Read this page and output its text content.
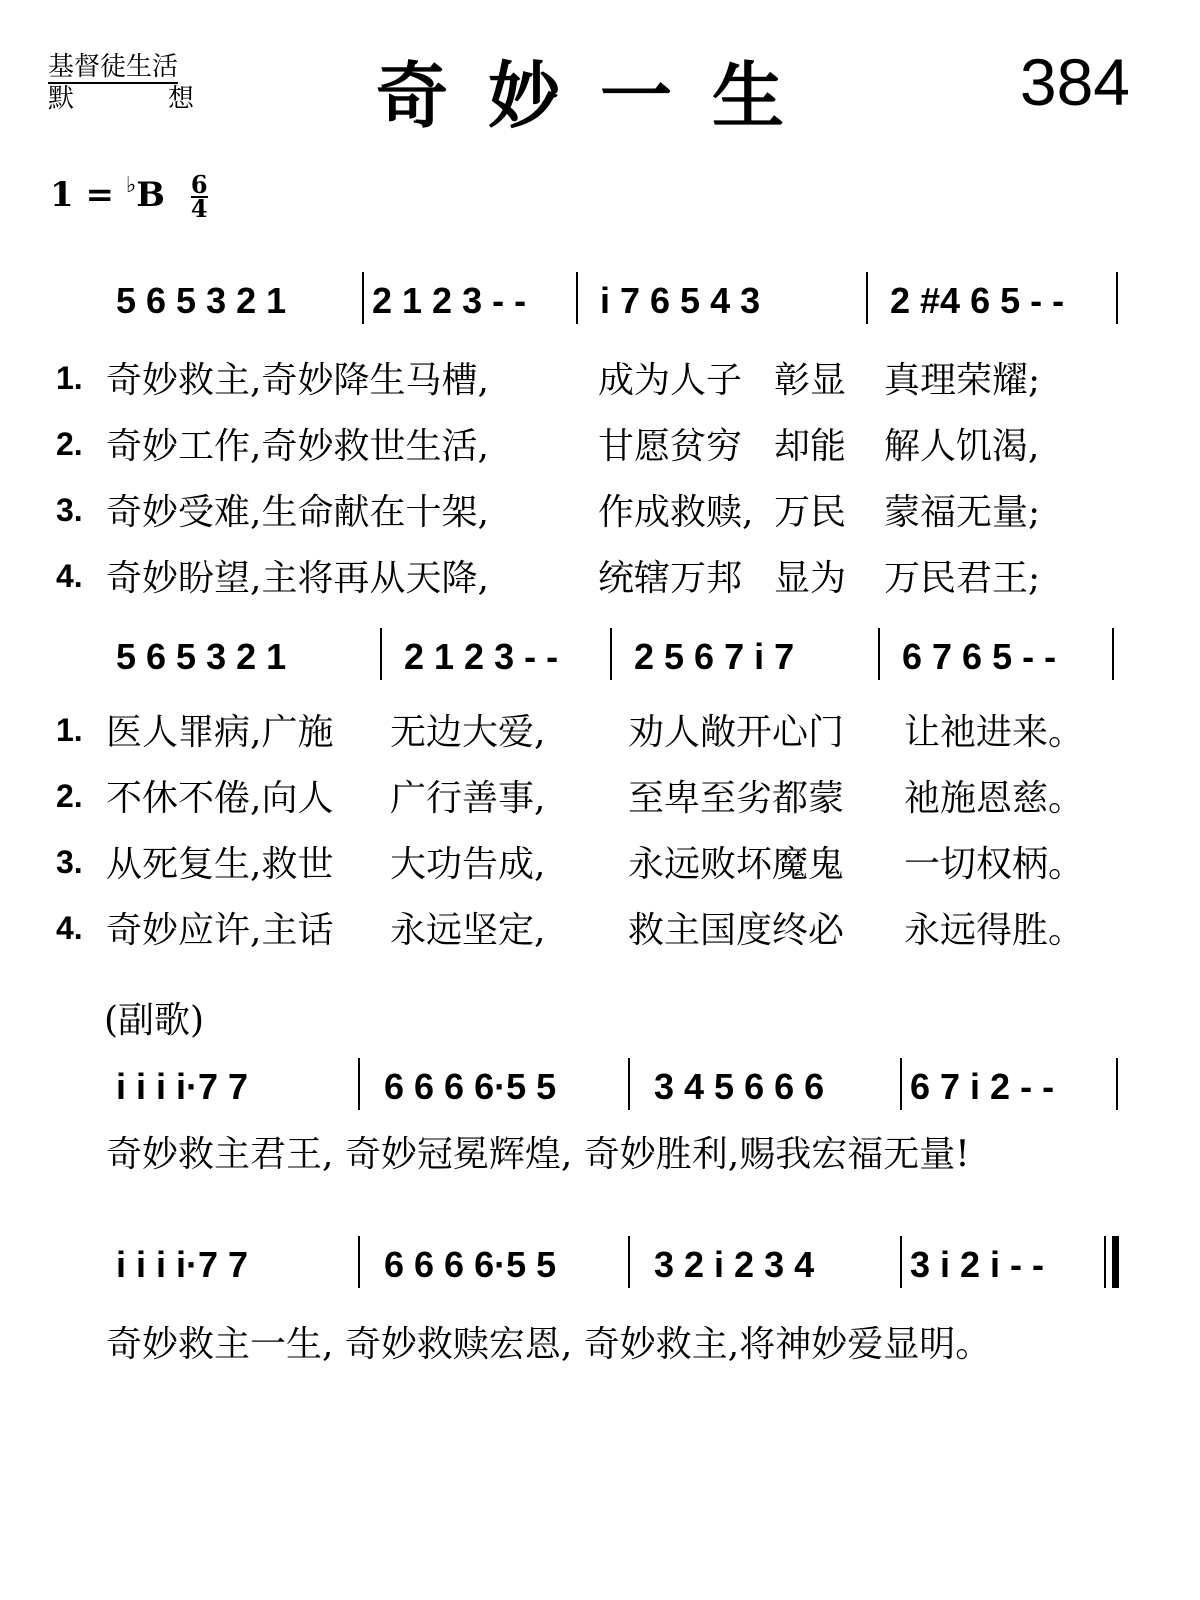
基督徒生活
默	想	奇妙一生	384
$1 = ^♭B \frac{6}{4}$
5 6 5 3 2 1 2 1 2 3 - - i 7 6 5 4 3	2 #4 6 5 - -
1. 奇妙救主,奇妙降生马槽,	成为人子 彰显 真理荣耀;
2. 奇妙工作,奇妙救世生活,	甘愿贫穷 却能 解人饥渴,
3. 奇妙受难,生命献在十架,	作成救赎, 万民 蒙福无量;
4. 奇妙盼望,主将再从天降,	统辖万邦 显为 万民君王;
5 6 5 3 2 1	2 1 2 3 - - 2 5 6 7 i 7	6 7 6 5 - -
1. 医人罪病,广施 无边大爱, 劝人敞开心门 让祂进来。
2. 不休不倦,向人 广行善事, 至卑至劣都蒙 祂施恩慈。
3. 从死复生,救世 大功告成, 永远败坏魔鬼 一切权柄。
4. 奇妙应许,主话 永远坚定, 救主国度终必 永远得胜。
(副歌)
i i i i·7 7	6 6 6 6·5 5	3 4 5 6 6 6 6 7 i 2 - -
奇妙救主君王, 奇妙冠冕辉煌, 奇妙胜利,赐我宏福无量!
i i i i·7 7	6 6 6 6·5 5	3 2 i 2 3 4	3 i 2 i - -
奇妙救主一生, 奇妙救赎宏恩, 奇妙救主,将神妙爱显明。
